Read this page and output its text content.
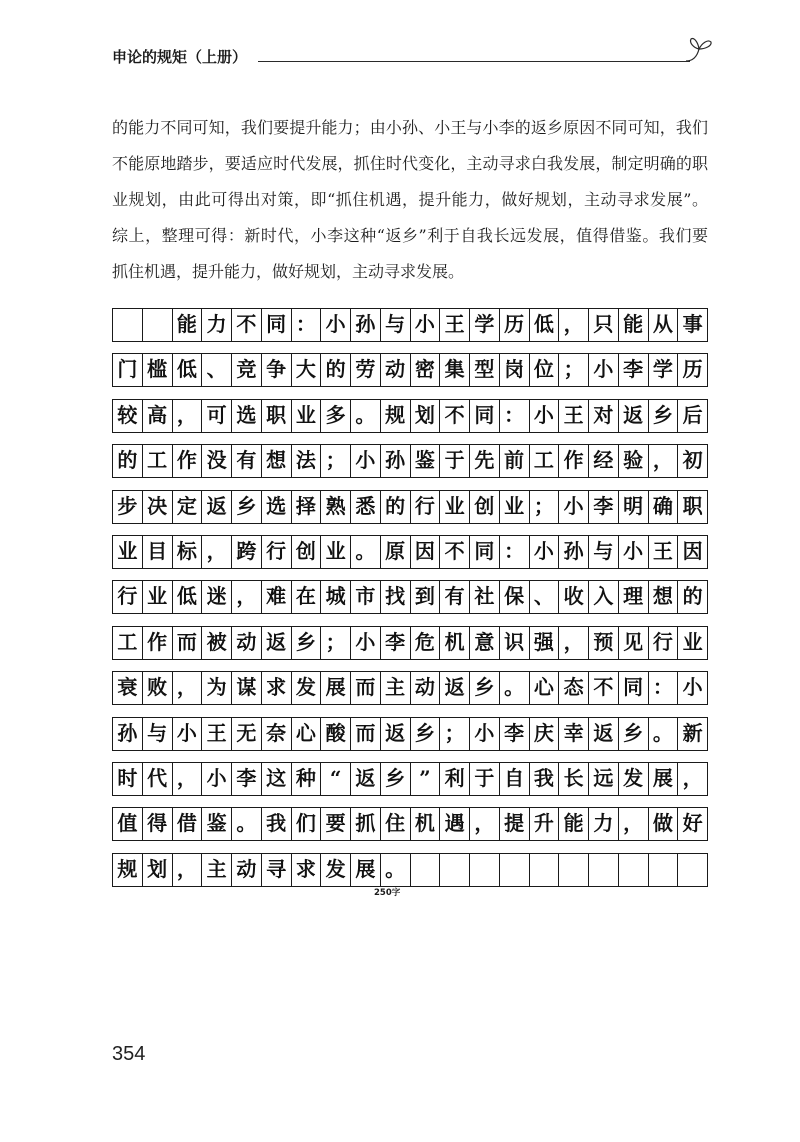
申论的规矩（上册）
的能力不同可知，我们要提升能力；由小孙、小王与小李的返乡原因不同可知，我们
不能原地踏步，要适应时代发展，抓住时代变化，主动寻求白我发展，制定明确的职
业规划，由此可得出对策，即“抓住机遇，提升能力，做好规划，主动寻求发展”。
综上，整理可得：新时代，小李这种“返乡”利于自我长远发展，值得借鉴。我们要
抓住机遇，提升能力，做好规划，主动寻求发展。
能 力 不 同 ： 小 孙 与 小 王 学 历 低 ， 只 能 从 事
门 槛 低 、 竞 争 大 的 劳 动 密 集 型 岗 位 ； 小 李 学 历
较 高 ， 可 选 职 业 多 。 规 划 不 同 ： 小 王 对 返 乡 后
的 工 作 没 有 想 法 ； 小 孙 鉴 于 先 前 工 作 经 验 ， 初
步 决 定 返 乡 选 择 熟 悉 的 行 业 创 业 ； 小 李 明 确 职
业 目 标 ， 跨 行 创 业 。 原 因 不 同 ： 小 孙 与 小 王 因
行 业 低 迷 ， 难 在 城 市 找 到 有 社 保 、 收 入 理 想 的
工 作 而 被 动 返 乡 ； 小 李 危 机 意 识 强 ， 预 见 行 业
衰 败 ， 为 谋 求 发 展 而 主 动 返 乡 。 心 态 不 同 ： 小
孙 与 小 王 无 奈 心 酸 而 返 乡 ； 小 李 庆 幸 返 乡 。 新
时 代 ， 小 李 这 种 “ 返 乡 ” 利 于 自 我 长 远 发 展 ，
值 得 借 鉴 。 我 们 要 抓 住 机 遇 ， 提 升 能 力 ， 做 好
规 划 ， 主 动 寻 求 发 展 。
250字
354
